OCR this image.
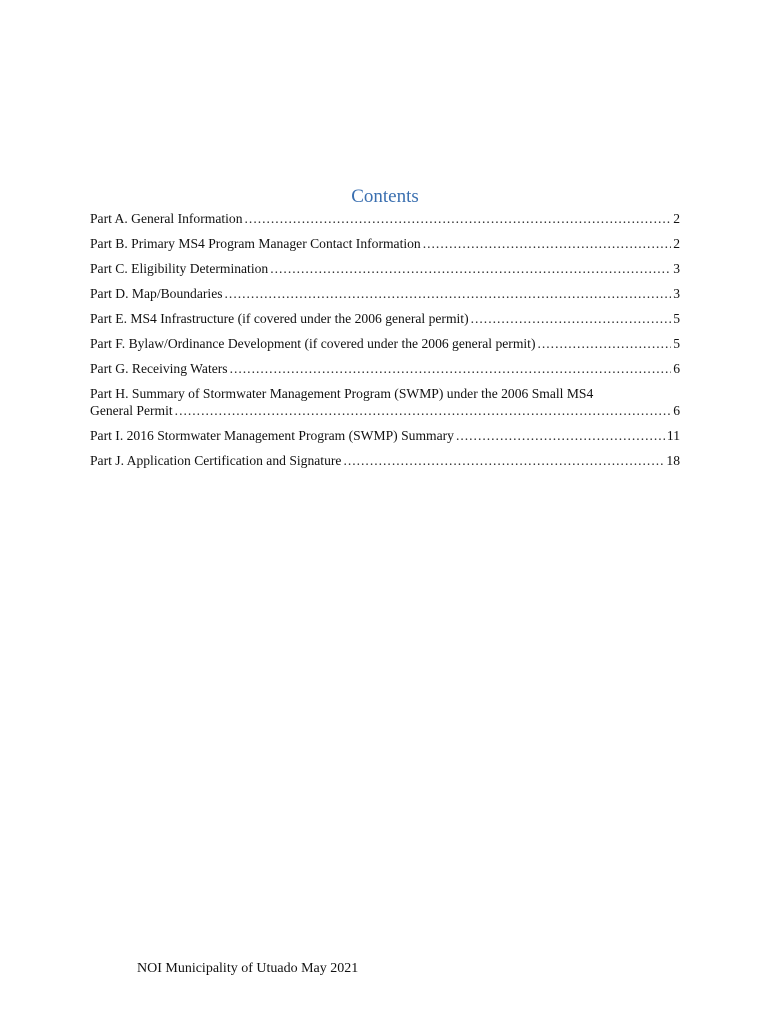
Contents
Part A. General Information .....	2
Part B. Primary MS4 Program Manager Contact Information .....	2
Part C. Eligibility Determination .....	3
Part D. Map/Boundaries .....	3
Part E. MS4 Infrastructure (if covered under the 2006 general permit) .....	5
Part F. Bylaw/Ordinance Development (if covered under the 2006 general permit) .....	5
Part G. Receiving Waters .....	6
Part H. Summary of Stormwater Management Program (SWMP) under the 2006 Small MS4
General Permit .....	6
Part I. 2016 Stormwater Management Program (SWMP) Summary .....	11
Part J. Application Certification and Signature .....	18
NOI Municipality of Utuado May 2021
